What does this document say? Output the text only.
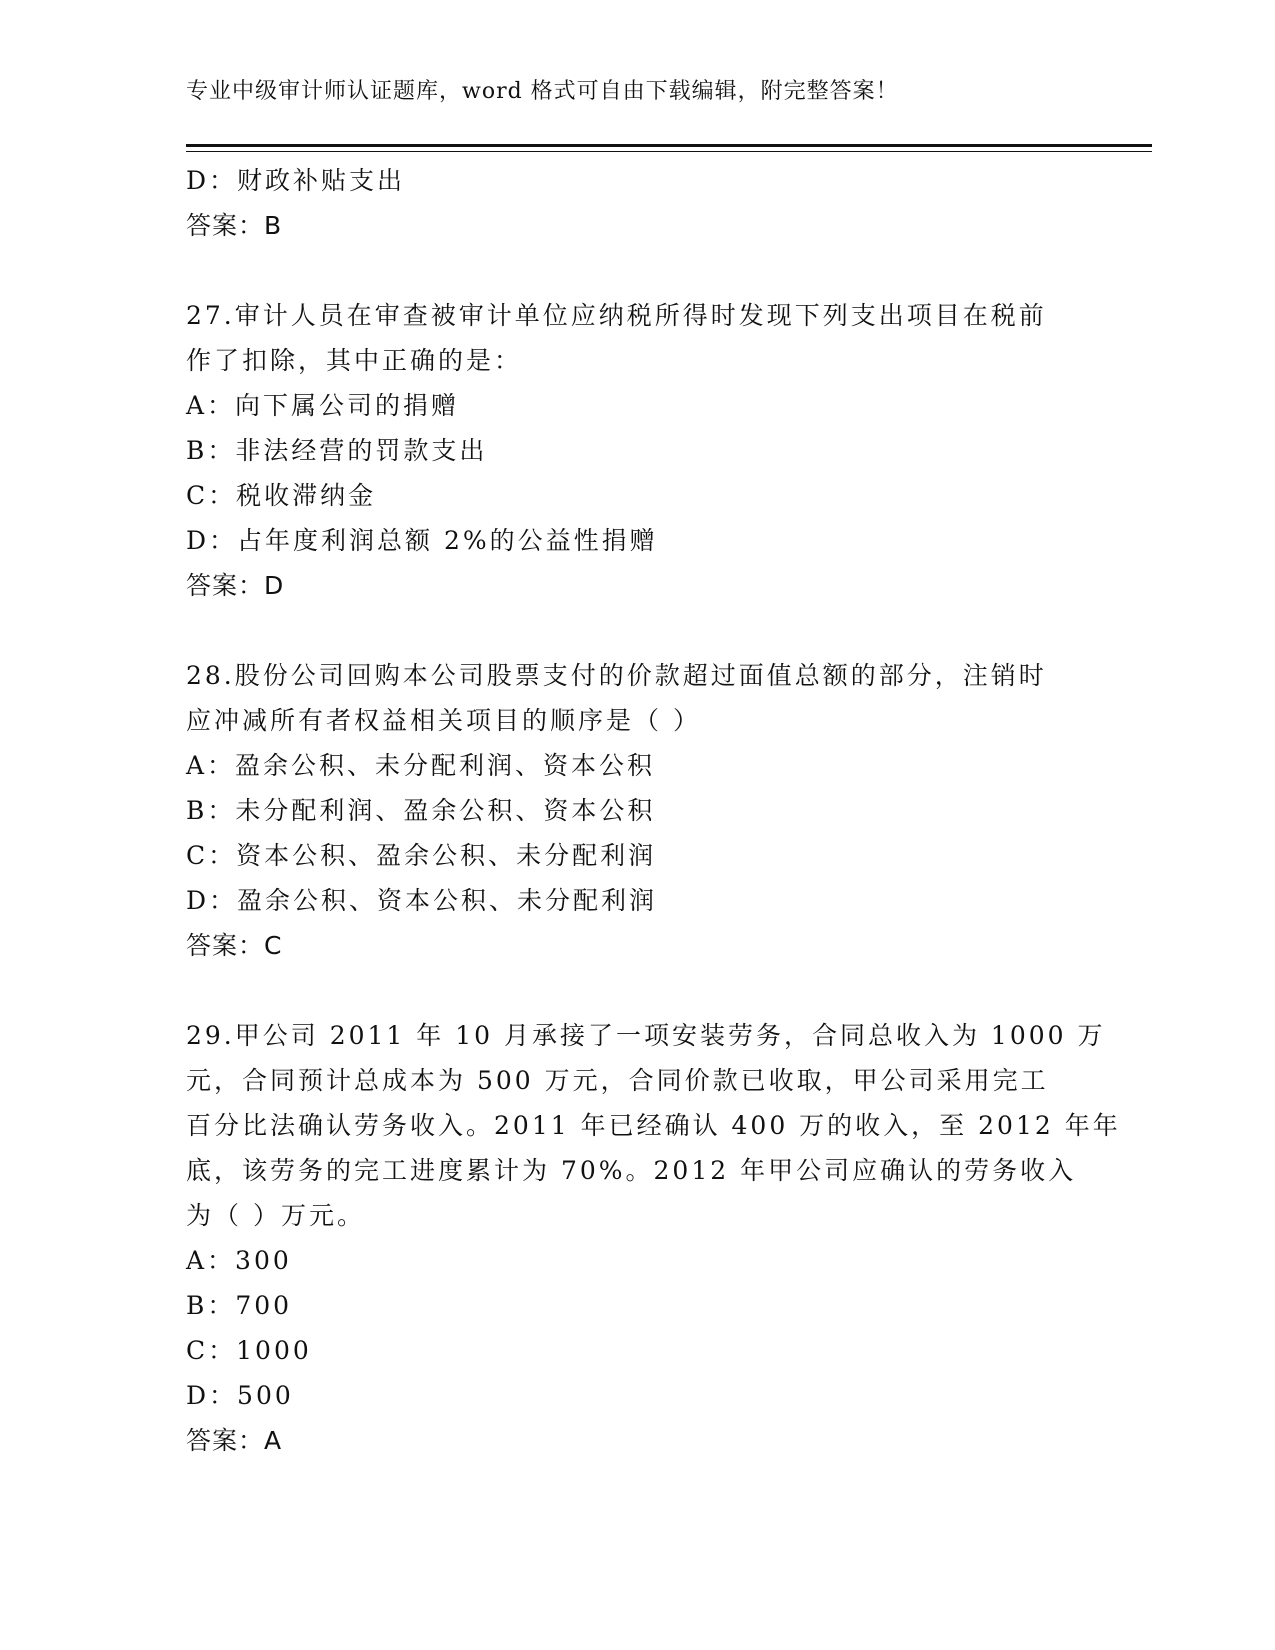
专业中级审计师认证题库，word 格式可自由下载编辑，附完整答案！

D：财政补贴支出

答案：B

27.审计人员在审查被审计单位应纳税所得时发现下列支出项目在税前

作了扣除，其中正确的是：

A：向下属公司的捐赠

B：非法经营的罚款支出

C：税收滞纳金

D：占年度利润总额 2%的公益性捐赠

答案：D

28.股份公司回购本公司股票支付的价款超过面值总额的部分，注销时

应冲减所有者权益相关项目的顺序是（ ）

A：盈余公积、未分配利润、资本公积

B：未分配利润、盈余公积、资本公积

C：资本公积、盈余公积、未分配利润

D：盈余公积、资本公积、未分配利润

答案：C

29.甲公司 2011 年 10 月承接了一项安装劳务，合同总收入为 1000 万

元，合同预计总成本为 500 万元，合同价款已收取，甲公司采用完工

百分比法确认劳务收入。2011 年已经确认 400 万的收入，至 2012 年年

底，该劳务的完工进度累计为 70%。2012 年甲公司应确认的劳务收入

为（ ）万元。

A：300

B：700

C：1000

D：500

答案：A
